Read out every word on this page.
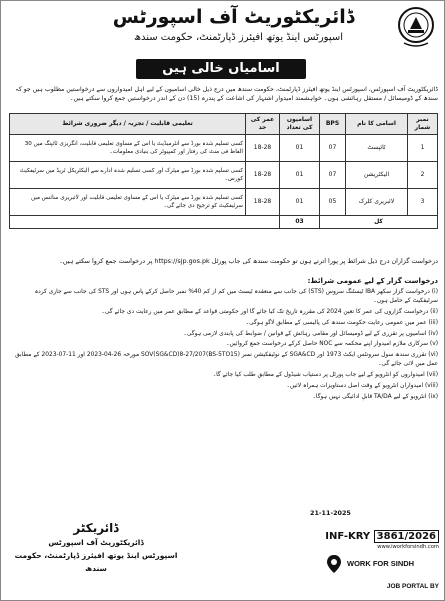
ڈائریکٹوریٹ آف اسپورٹس
اسپورٹس اینڈ یوتھ افیئرز ڈپارٹمنٹ، حکومت سندھ
اسامیاں خالی ہیں

ڈائریکٹوریٹ آف اسپورٹس، اسپورٹس اینڈ یوتھ افیئرز ڈپارٹمنٹ، حکومت سندھ میں درج ذیل خالی اسامیوں کے لیے اہل امیدواروں سے درخواستیں مطلوب ہیں جو کہ سندھ کے ڈومیسائل / مستقل رہائشی ہوں۔ خواہشمند امیدوار اشتہار کی اشاعت کے پندرہ (15) دن کے اندر درخواستیں جمع کروا سکتے ہیں۔

نمبر شمار	اسامی کا نام	BPS	اسامیوں کی تعداد	عمر کی حد	تعلیمی قابلیت / تجربہ / دیگر ضروری شرائط
1	ٹائپسٹ	07	01	18-28	کسی تسلیم شدہ بورڈ سے انٹرمیڈیٹ یا اس کے مساوی تعلیمی قابلیت، انگریزی ٹائپنگ میں 30 الفاظ فی منٹ کی رفتار اور کمپیوٹر کی بنیادی معلومات۔
2	الیکٹریشن	07	01	18-28	کسی تسلیم شدہ بورڈ سے میٹرک اور کسی تسلیم شدہ ادارے سے الیکٹریکل ٹریڈ میں سرٹیفکیٹ کورس۔
3	لائبریری کلرک	05	01	18-28	کسی تسلیم شدہ بورڈ سے میٹرک یا اس کے مساوی تعلیمی قابلیت اور لائبریری سائنس میں سرٹیفکیٹ کو ترجیح دی جائے گی۔
کل			03		

درخواست گزاران درج ذیل شرائط پر پورا اترتے ہوں تو حکومت سندھ کی جاب پورٹل https://sjp.gos.pk پر درخواست جمع کروا سکتے ہیں۔

درخواست گزار کے لیے عمومی شرائط:
(i) درخواست گزار سکھر IBA ٹیسٹنگ سروس (STS) کی جانب سے منعقدہ ٹیسٹ میں کم از کم 40% نمبر حاصل کرکے پاس ہوں اور STS کی جانب سے جاری کردہ سرٹیفکیٹ کے حامل ہوں۔
(ii) درخواست گزاروں کی عمر کا تعین 2024 کی مقررہ تاریخ تک کیا جائے گا اور حکومتی قواعد کے مطابق عمر میں رعایت دی جائے گی۔
(iii) عمر میں عمومی رعایت حکومت سندھ کی پالیسی کے مطابق لاگو ہوگی۔
(iv) اسامیوں پر تقرری کے لیے ڈومیسائل اور مقامی رہائش کے قوانین / ضوابط کی پابندی لازمی ہوگی۔
(v) سرکاری ملازم امیدوار اپنے محکمہ سے NOC حاصل کرکے درخواست جمع کروائیں۔
(vi) تقرری سندھ سول سرونٹس ایکٹ 1973 اور SGA&CD کے نوٹیفکیشن نمبر SOV(SG&CD)8-27/207(BS-5TO15) مورخہ 26-04-2023 اور 11-07-2023 کے مطابق عمل میں لائی جائے گی۔
(vii) امیدواروں کو انٹرویو کے لیے جاب پورٹل پر دستیاب شیڈول کے مطابق طلب کیا جائے گا۔
(viii) امیدواران انٹرویو کے وقت اصل دستاویزات ہمراہ لائیں۔
(ix) انٹرویو کے لیے TA/DA قابلِ ادائیگی نہیں ہوگا۔
21-11-2025
ڈائریکٹر
ڈائریکٹوریٹ آف اسپورٹس
اسپورٹس اینڈ یوتھ افیئرز ڈپارٹمنٹ، حکومت سندھ
INF-KRY 3861/2026
www.iworkforsindh.com
WORK FOR SINDH
JOB PORTAL BY
